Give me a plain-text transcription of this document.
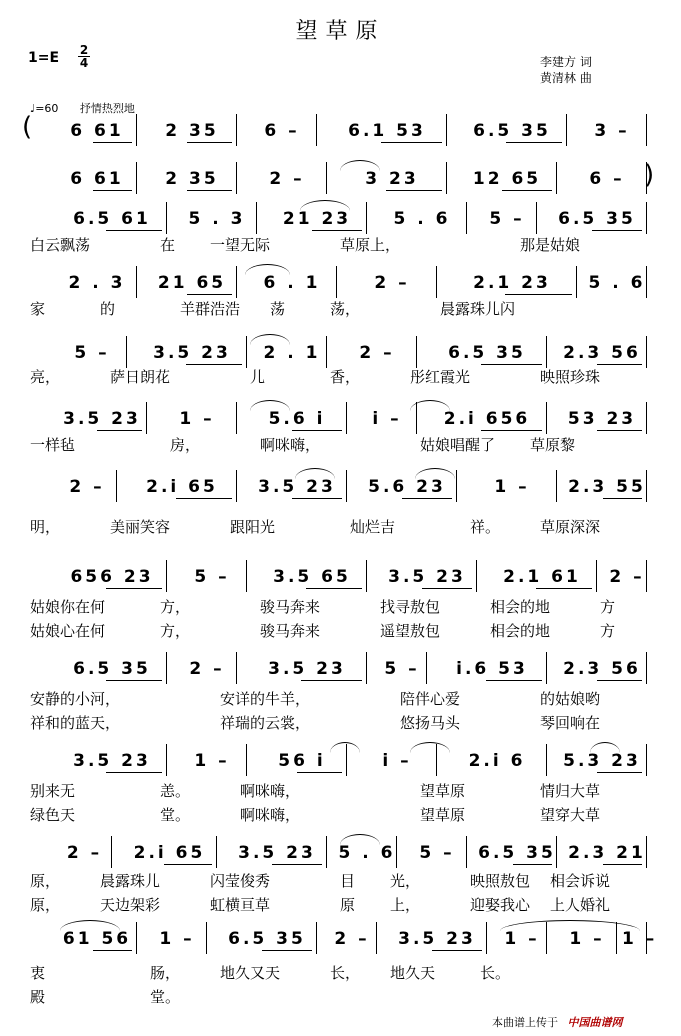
望草原
$1=E \frac{2}{4}$	李建方 词
黄清林 曲
♩=60 抒情热烈地
6 61	2 35	6 –	6.1 53	6.5 35	3 –
6 61	2 35	2 –	3 23	12 65	6 –
6.5 61	5 . 3	21 23	5 . 6	5 –	6.5 35
2 . 3	21 65	6 . 1	2 –	2.1 23	5 . 6
5 –	3.5 23	2 . 1	2 –	6.5 35	2.3 56
3.5 23	1 –	5.6 i	i –	2.i 656	53 23
2 –	2.i 65	3.5 23	5.6 23	1 –	2.3 55
656 23	5 –	3.5 65	3.5 23	2.1 61	2 –
6.5 35	2 –	3.5 23	5 –	i.6 53	2.3 56
3.5 23	1 –	56 i	i –	2.i 6	5.3 23
2 –	2.i 65	3.5 23	5 . 6	5 –	6.5 35 2.3 21
61 56	1 –	6.5 35	2 –	3.5 23	1 –	1 –	1 –
(
)
白云飘荡	在 一望无际	草原上，	那是姑娘
家	的	羊群浩浩 荡	荡，	晨露珠儿闪
亮，	萨日朗花	儿	香，	彤红霞光	映照珍珠
一样毡	房，	啊咪嗨，	姑娘唱醒了 草原黎
明，	美丽笑容	跟阳光	灿烂吉	祥。	草原深深
姑娘你在何	方，	骏马奔来	找寻敖包	相会的地	方
姑娘心在何	方，	骏马奔来	遥望敖包	相会的地	方
安静的小河，	安详的牛羊，	陪伴心爱	的姑娘哟
祥和的蓝天，	祥瑞的云裳，	悠扬马头	琴回响在
别来无	恙。	啊咪嗨，	望草原	情归大草
绿色天	堂。	啊咪嗨，	望草原	望穿大草
原，	晨露珠儿	闪莹俊秀	目 光，	映照敖包 相会诉说
原，	天边架彩	虹横亘草	原 上，	迎娶我心 上人婚礼
衷	肠，	地久又天	长， 地久天	长。
殿	堂。
本曲谱上传于 中国曲谱网
